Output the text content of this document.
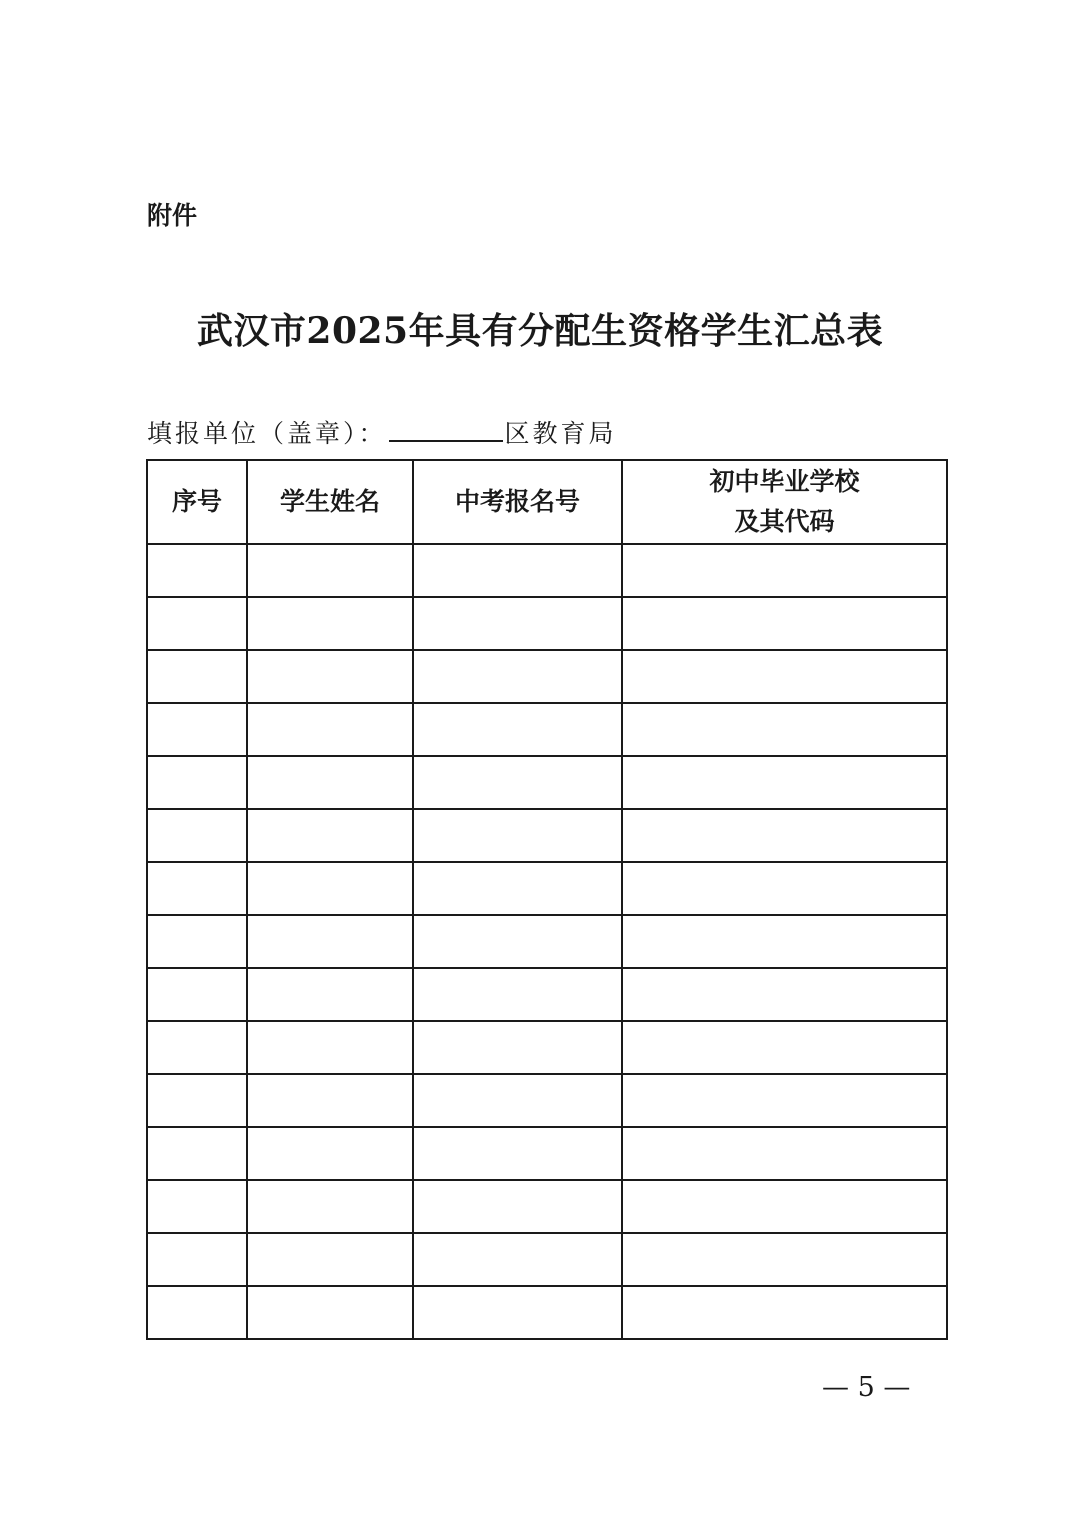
附件
武汉市2025年具有分配生资格学生汇总表
填报单位（盖章）：	区教育局
序号	学生姓名	中考报名号	初中毕业学校
及其代码

— 5 —
